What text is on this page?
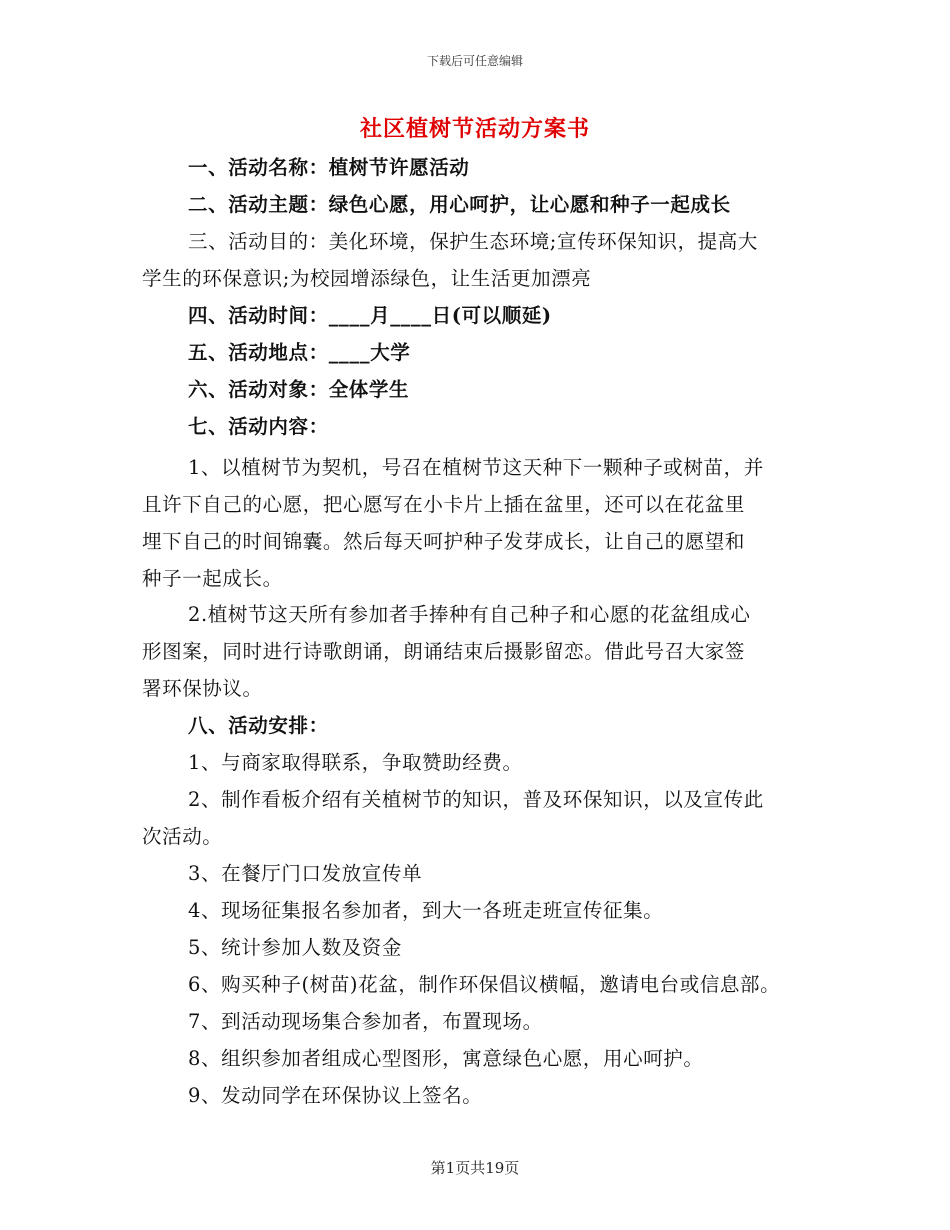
下载后可任意编辑
社区植树节活动方案书
一、活动名称：植树节许愿活动
二、活动主题：绿色心愿，用心呵护，让心愿和种子一起成长
三、活动目的：美化环境，保护生态环境;宣传环保知识，提高大
学生的环保意识;为校园增添绿色，让生活更加漂亮
四、活动时间：____月____日(可以顺延)
五、活动地点：____大学
六、活动对象：全体学生
七、活动内容：
1、以植树节为契机，号召在植树节这天种下一颗种子或树苗，并
且许下自己的心愿，把心愿写在小卡片上插在盆里，还可以在花盆里
埋下自己的时间锦囊。然后每天呵护种子发芽成长，让自己的愿望和
种子一起成长。
2.植树节这天所有参加者手捧种有自己种子和心愿的花盆组成心
形图案，同时进行诗歌朗诵，朗诵结束后摄影留恋。借此号召大家签
署环保协议。
八、活动安排：
1、与商家取得联系，争取赞助经费。
2、制作看板介绍有关植树节的知识，普及环保知识，以及宣传此
次活动。
3、在餐厅门口发放宣传单
4、现场征集报名参加者，到大一各班走班宣传征集。
5、统计参加人数及资金
6、购买种子(树苗)花盆，制作环保倡议横幅，邀请电台或信息部。
7、到活动现场集合参加者，布置现场。
8、组织参加者组成心型图形，寓意绿色心愿，用心呵护。
9、发动同学在环保协议上签名。
第1页共19页
